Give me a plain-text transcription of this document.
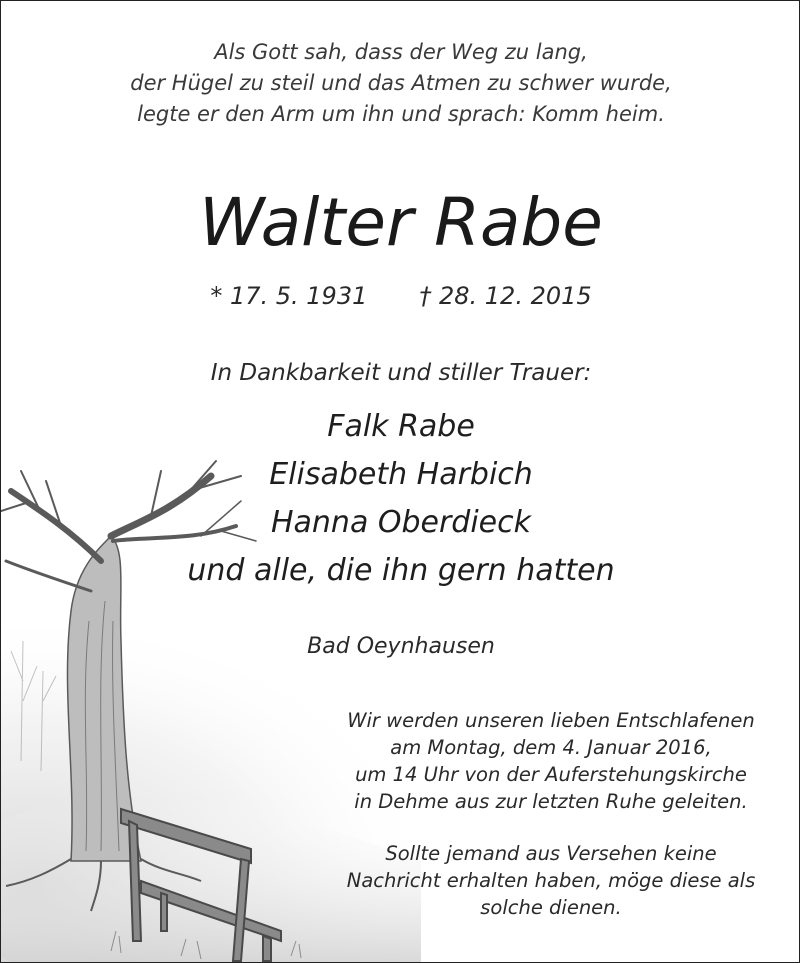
Als Gott sah, dass der Weg zu lang,
der Hügel zu steil und das Atmen zu schwer wurde,
legte er den Arm um ihn und sprach: Komm heim.
Walter Rabe
* 17. 5. 1931 † 28. 12. 2015
In Dankbarkeit und stiller Trauer:
Falk Rabe
Elisabeth Harbich
Hanna Oberdieck
und alle, die ihn gern hatten
Bad Oeynhausen
Wir werden unseren lieben Entschlafenen
am Montag, dem 4. Januar 2016,
um 14 Uhr von der Auferstehungskirche
in Dehme aus zur letzten Ruhe geleiten.
Sollte jemand aus Versehen keine
Nachricht erhalten haben, möge diese als
solche dienen.
